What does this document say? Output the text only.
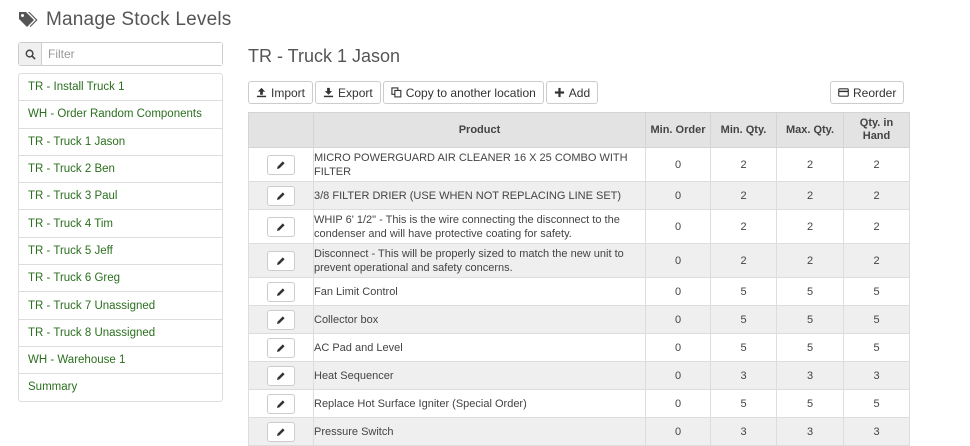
Manage Stock Levels
Filter
TR - Install Truck 1
WH - Order Random Components
TR - Truck 1 Jason
TR - Truck 2 Ben
TR - Truck 3 Paul
TR - Truck 4 Tim
TR - Truck 5 Jeff
TR - Truck 6 Greg
TR - Truck 7 Unassigned
TR - Truck 8 Unassigned
WH - Warehouse 1
Summary
TR - Truck 1 Jason
Import	Export	Copy to another location	Add	Reorder
	Product	Min. Order	Min. Qty.	Max. Qty.	Qty. in Hand

	MICRO POWERGUARD AIR CLEANER 16 X 25 COMBO WITH FILTER	0	2	2	2

	3/8 FILTER DRIER (USE WHEN NOT REPLACING LINE SET)	0	2	2	2

	WHIP 6' 1/2" - This is the wire connecting the disconnect to the condenser and will have protective coating for safety.	0	2	2	2

	Disconnect - This will be properly sized to match the new unit to prevent operational and safety concerns.	0	2	2	2

	Fan Limit Control	0	5	5	5

	Collector box	0	5	5	5

	AC Pad and Level	0	5	5	5

	Heat Sequencer	0	3	3	3

	Replace Hot Surface Igniter (Special Order)	0	5	5	5

	Pressure Switch	0	3	3	3
